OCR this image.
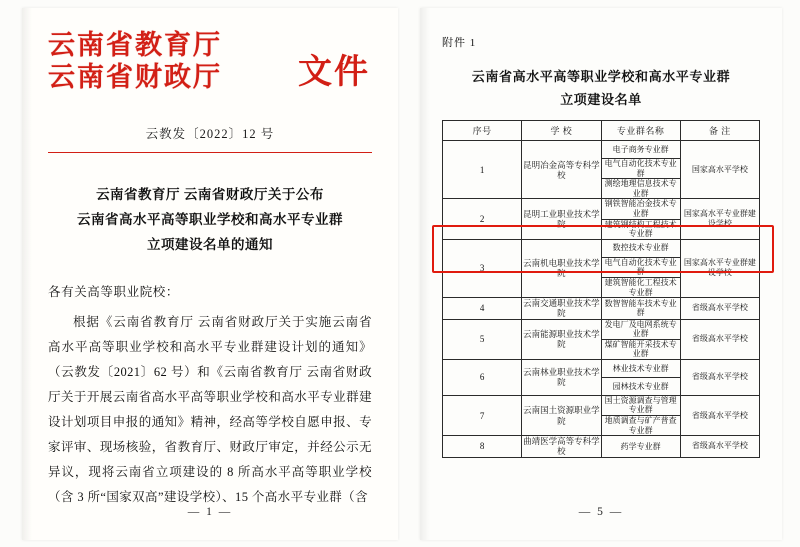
云南省教育厅
云南省财政厅	文件
云教发〔2022〕12 号
云南省教育厅 云南省财政厅关于公布
云南省高水平高等职业学校和高水平专业群
立项建设名单的通知
各有关高等职业院校：
根据《云南省教育厅 云南省财政厅关于实施云南省高水平高等职业学校和高水平专业群建设计划的通知》（云教发〔2021〕62 号）和《云南省教育厅 云南省财政厅关于开展云南省高水平高等职业学校和高水平专业群建设计划项目申报的通知》精神，经高等学校自愿申报、专家评审、现场核验，省教育厅、财政厅审定，并经公示无异议，现将云南省立项建设的 8 所高水平高等职业学校（含 3 所“国家双高”建设学校）、15 个高水平专业群（含
— 1 —
附件 1
云南省高水平高等职业学校和高水平专业群
立项建设名单
序号	学 校	专业群名称	备 注
1	昆明冶金高等专科学校	电子商务专业群	国家高水平学校
		电气自动化技术专业群	
		测绘地理信息技术专业群	
2	昆明工业职业技术学院	钢铁智能冶金技术专业群	国家高水平专业群建设学校
		建筑钢结构工程技术专业群	
3	云南机电职业技术学院	数控技术专业群	国家高水平专业群建设学校
		电气自动化技术专业群	
		建筑智能化工程技术专业群	
4	云南交通职业技术学院	数智智能车技术专业群	省级高水平学校
5	云南能源职业技术学院	发电厂及电网系统专业群	省级高水平学校
		煤矿智能开采技术专业群	
6	云南林业职业技术学院	林业技术专业群	省级高水平学校
		园林技术专业群	
7	云南国土资源职业学院	国土资源调查与管理专业群	省级高水平学校
		地质调查与矿产普查专业群	
8	曲靖医学高等专科学校	药学专业群	省级高水平学校
— 5 —
